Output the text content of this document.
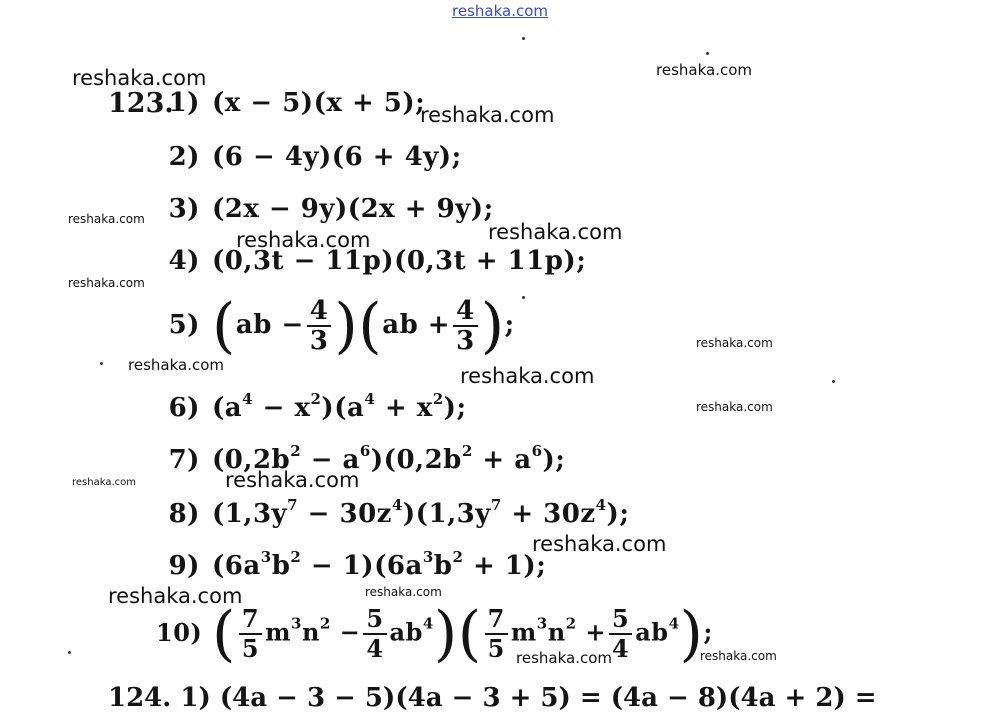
reshaka.com
reshaka.com	reshaka.com
reshaka.com
reshaka.com
reshaka.com	reshaka.com
reshaka.com
reshaka.com
reshaka.com	reshaka.com
reshaka.com
reshaka.com	reshaka.com
reshaka.com
reshaka.com
reshaka.com
reshaka.com	reshaka.com
123.
1) (x − 5)(x + 5);
2) (6 − 4y)(6 + 4y);
3) (2x − 9y)(2x + 9y);
4) (0,3t − 11p)(0,3t + 11p);
5) $(ab - \frac{4}{3} )(ab + \frac{4}{3}$ );
6) $(a^4 - x^2)(a^4 + x^2)$;
7) $(0,2b^2 - a^6)(0,2b^2 + a^6)$;
8) $(1,3y^7 - 30z^4)(1,3y^7 + 30z^4)$;
9) $(6a^3b^2 - 1)(6a^3b^2 + 1)$;
10) ( $\frac{7}{5} m^3n^2 - \frac{5}{4} ab^4)( \frac{7}{5} m^3n^2 + \frac{5}{4} ab^4)$;
124. 1) (4a − 3 − 5)(4a − 3 + 5) = (4a − 8)(4a + 2) =
